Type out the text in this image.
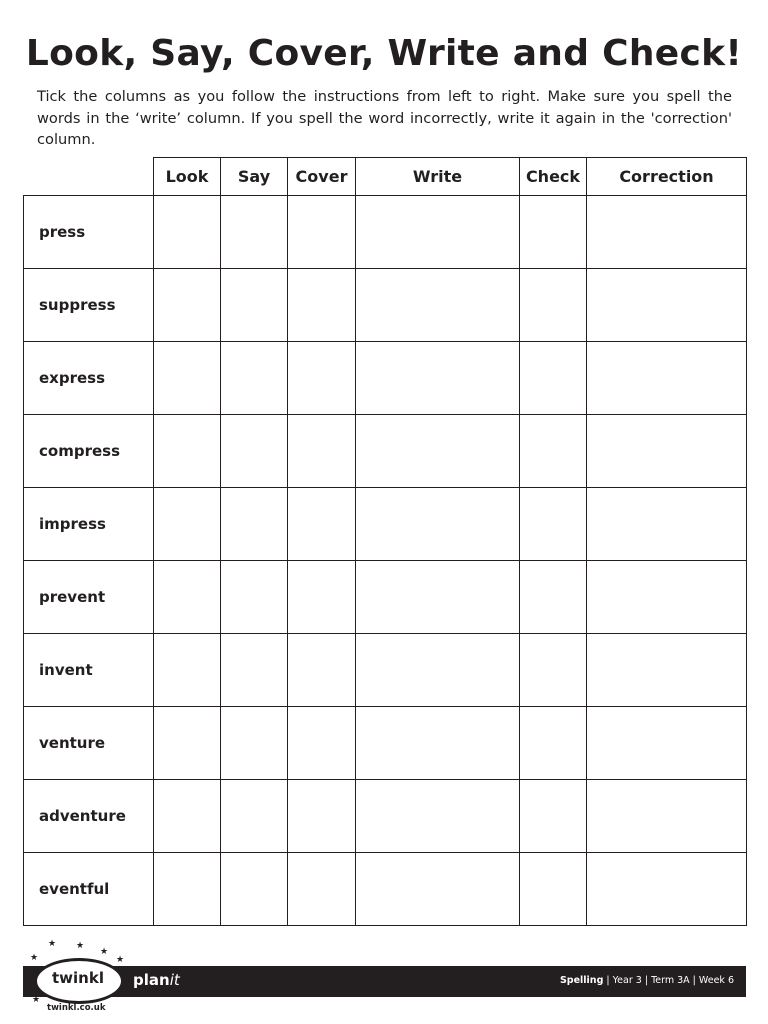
Look, Say, Cover, Write and Check!
Tick the columns as you follow the instructions from left to right. Make sure you spell the words in the ‘write’ column. If you spell the word incorrectly, write it again in the 'correction' column.
	Look	Say	Cover	Write	Check	Correction
press						
suppress						
express						
compress						
impress						
prevent						
invent						
venture						
adventure						
eventful						
★ ★
★
★	★
★
twinkl
twinkl.co.uk
planit	Spelling | Year 3 | Term 3A | Week 6
